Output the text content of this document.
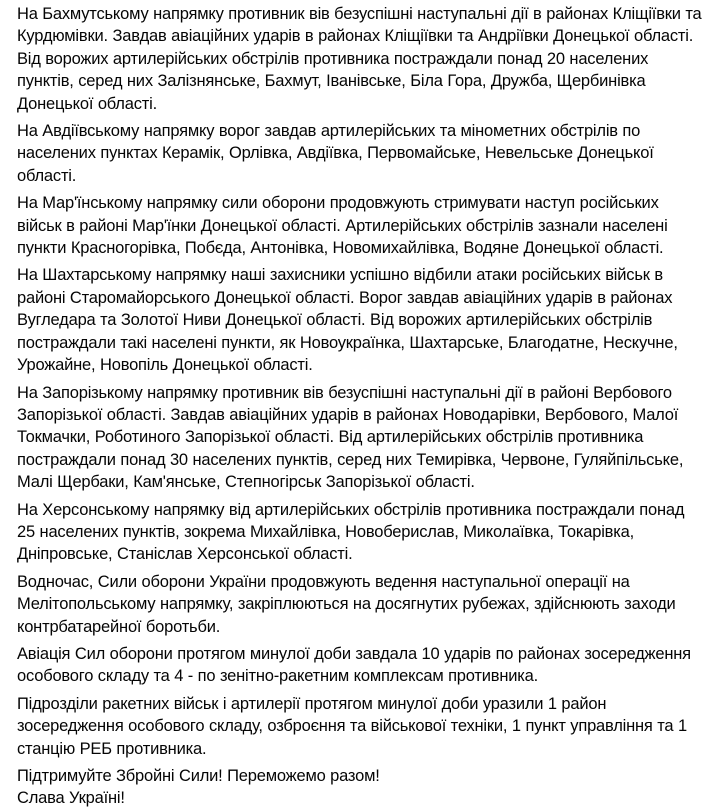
На Бахмутському напрямку противник вів безуспішні наступальні дії в районах Кліщіївки та Курдюмівки. Завдав авіаційних ударів в районах Кліщіївки та Андріївки Донецької області. Від ворожих артилерійських обстрілів противника постраждали понад 20 населених пунктів, серед них Залізнянське, Бахмут, Іванівське, Біла Гора, Дружба, Щербинівка Донецької області.

На Авдіївському напрямку ворог завдав артилерійських та мінометних обстрілів по населених пунктах Керамік, Орлівка, Авдіївка, Первомайське, Невельське Донецької області.

На Мар'їнському напрямку сили оборони продовжують стримувати наступ російських військ в районі Мар'їнки Донецької області. Артилерійських обстрілів зазнали населені пункти Красногорівка, Побєда, Антонівка, Новомихайлівка, Водяне Донецької області.

На Шахтарському напрямку наші захисники успішно відбили атаки російських військ в районі Старомайорського Донецької області. Ворог завдав авіаційних ударів в районах Вугледара та Золотої Ниви Донецької області. Від ворожих артилерійських обстрілів постраждали такі населені пункти, як Новоукраїнка, Шахтарське, Благодатне, Нескучне, Урожайне, Новопіль Донецької області.

На Запорізькому напрямку противник вів безуспішні наступальні дії в районі Вербового Запорізької області. Завдав авіаційних ударів в районах Новодарівки, Вербового, Малої Токмачки, Роботиного Запорізької області. Від артилерійських обстрілів противника постраждали понад 30 населених пунктів, серед них Темирівка, Червоне, Гуляйпільське, Малі Щербаки, Кам'янське, Степногірськ Запорізької області.

На Херсонському напрямку від артилерійських обстрілів противника постраждали понад 25 населених пунктів, зокрема Михайлівка, Новоберислав, Миколаївка, Токарівка, Дніпровське, Станіслав Херсонської області.

Водночас, Сили оборони України продовжують ведення наступальної операції на Мелітопольському напрямку, закріплюються на досягнутих рубежах, здійснюють заходи контрбатарейної боротьби.

Авіація Сил оборони протягом минулої доби завдала 10 ударів по районах зосередження особового складу та 4 - по зенітно-ракетним комплексам противника.

Підрозділи ракетних військ і артилерії протягом минулої доби уразили 1 район зосередження особового складу, озброєння та військової техніки, 1 пункт управління та 1 станцію РЕБ противника.

Підтримуйте Збройні Сили! Переможемо разом!
Слава Україні!
